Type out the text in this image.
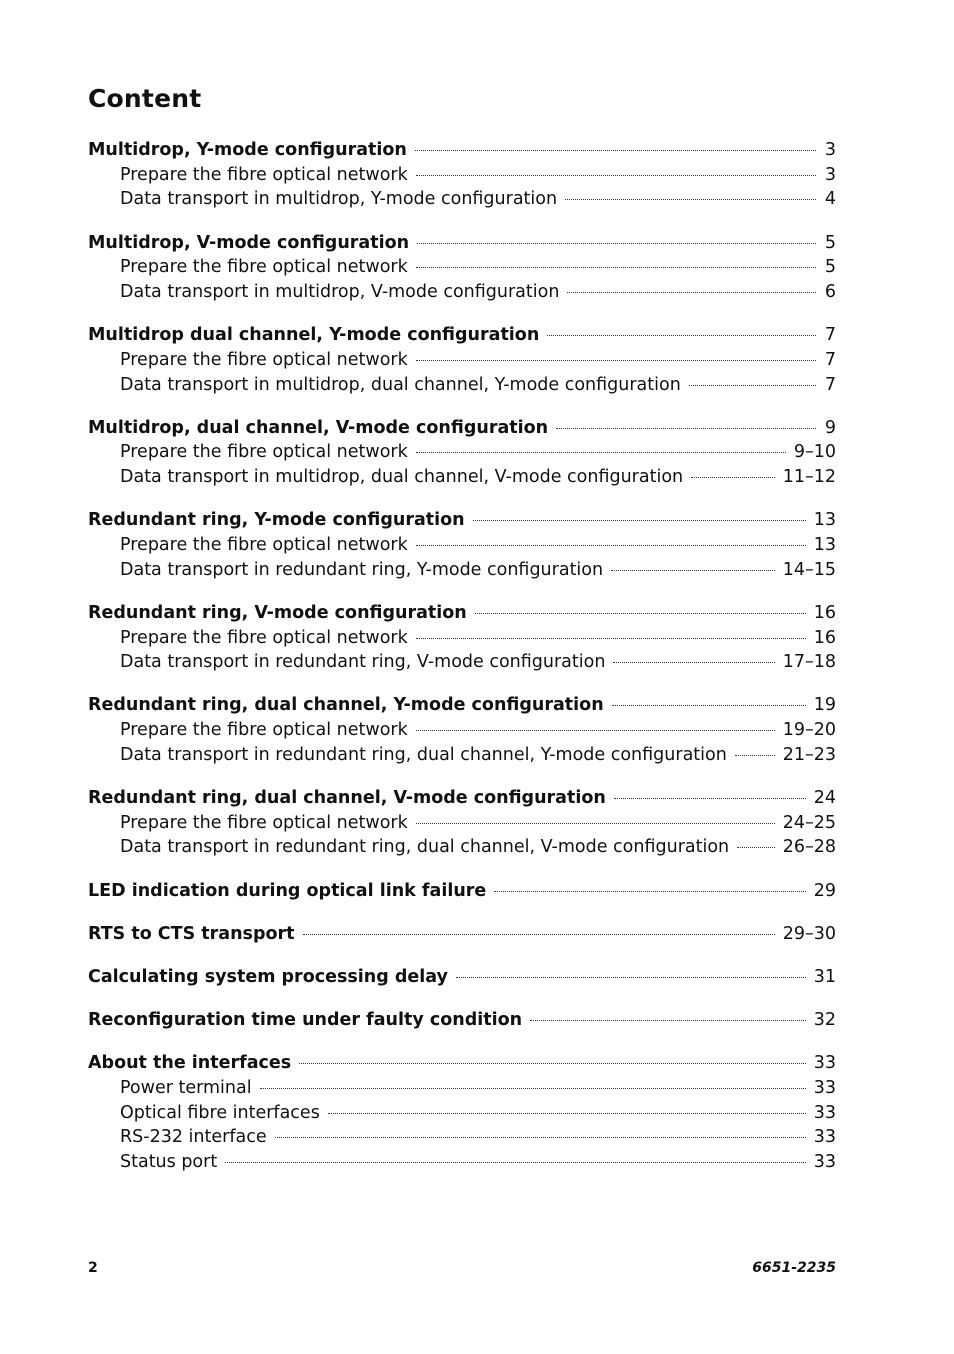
Content
Multidrop, Y-mode configuration	3
Prepare the fibre optical network	3
Data transport in multidrop, Y-mode configuration	4
Multidrop, V-mode configuration	5
Prepare the fibre optical network	5
Data transport in multidrop, V-mode configuration	6
Multidrop dual channel, Y-mode configuration	7
Prepare the fibre optical network	7
Data transport in multidrop, dual channel, Y-mode configuration	7
Multidrop, dual channel, V-mode configuration	9
Prepare the fibre optical network	9–10
Data transport in multidrop, dual channel, V-mode configuration	11–12
Redundant ring, Y-mode configuration	13
Prepare the fibre optical network	13
Data transport in redundant ring, Y-mode configuration	14–15
Redundant ring, V-mode configuration	16
Prepare the fibre optical network	16
Data transport in redundant ring, V-mode configuration	17–18
Redundant ring, dual channel, Y-mode configuration	19
Prepare the fibre optical network	19–20
Data transport in redundant ring, dual channel, Y-mode configuration	21–23
Redundant ring, dual channel, V-mode configuration	24
Prepare the fibre optical network	24–25
Data transport in redundant ring, dual channel, V-mode configuration	26–28
LED indication during optical link failure	29
RTS to CTS transport	29–30
Calculating system processing delay	31
Reconfiguration time under faulty condition	32
About the interfaces	33
Power terminal	33
Optical fibre interfaces	33
RS-232 interface	33
Status port	33
2	6651-2235
